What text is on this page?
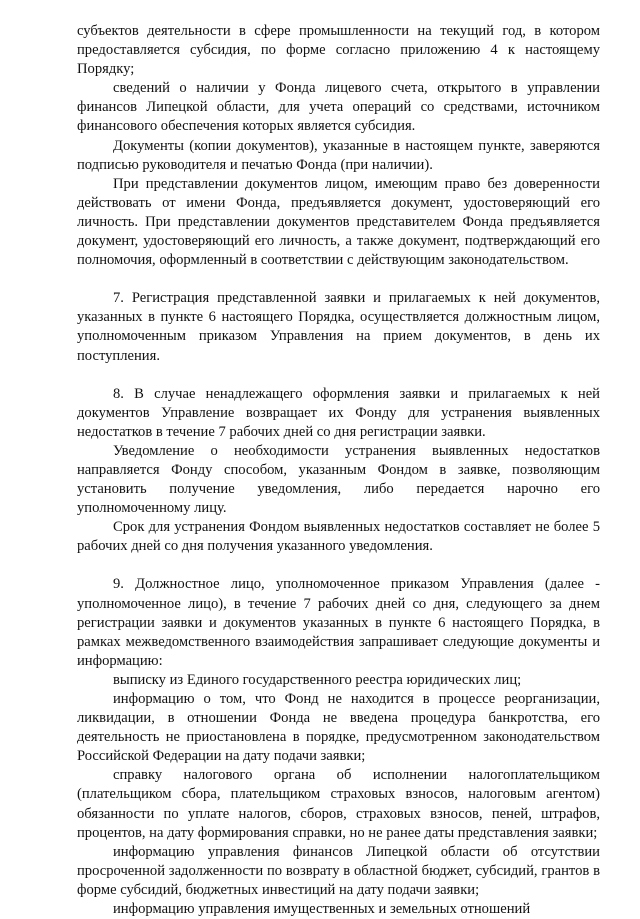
субъектов деятельности в сфере промышленности на текущий год, в котором предоставляется субсидия, по форме согласно приложению 4 к настоящему Порядку;

сведений о наличии у Фонда лицевого счета, открытого в управлении финансов Липецкой области, для учета операций со средствами, источником финансового обеспечения которых является субсидия.

Документы (копии документов), указанные в настоящем пункте, заверяются подписью руководителя и печатью Фонда (при наличии).

При представлении документов лицом, имеющим право без доверенности действовать от имени Фонда, предъявляется документ, удостоверяющий его личность. При представлении документов представителем Фонда предъявляется документ, удостоверяющий его личность, а также документ, подтверждающий его полномочия, оформленный в соответствии с действующим законодательством.

7. Регистрация представленной заявки и прилагаемых к ней документов, указанных в пункте 6 настоящего Порядка, осуществляется должностным лицом, уполномоченным приказом Управления на прием документов, в день их поступления.

8. В случае ненадлежащего оформления заявки и прилагаемых к ней документов Управление возвращает их Фонду для устранения выявленных недостатков в течение 7 рабочих дней со дня регистрации заявки.

Уведомление о необходимости устранения выявленных недостатков направляется Фонду способом, указанным Фондом в заявке, позволяющим установить получение уведомления, либо передается нарочно его уполномоченному лицу.

Срок для устранения Фондом выявленных недостатков составляет не более 5 рабочих дней со дня получения указанного уведомления.

9. Должностное лицо, уполномоченное приказом Управления (далее - уполномоченное лицо), в течение 7 рабочих дней со дня, следующего за днем регистрации заявки и документов указанных в пункте 6 настоящего Порядка, в рамках межведомственного взаимодействия запрашивает следующие документы и информацию:

выписку из Единого государственного реестра юридических лиц;

информацию о том, что Фонд не находится в процессе реорганизации, ликвидации, в отношении Фонда не введена процедура банкротства, его деятельность не приостановлена в порядке, предусмотренном законодательством Российской Федерации на дату подачи заявки;

справку налогового органа об исполнении налогоплательщиком (плательщиком сбора, плательщиком страховых взносов, налоговым агентом) обязанности по уплате налогов, сборов, страховых взносов, пеней, штрафов, процентов, на дату формирования справки, но не ранее даты представления заявки;

информацию управления финансов Липецкой области об отсутствии просроченной задолженности по возврату в областной бюджет, субсидий, грантов в форме субсидий, бюджетных инвестиций на дату подачи заявки;

информацию управления имущественных и земельных отношений
